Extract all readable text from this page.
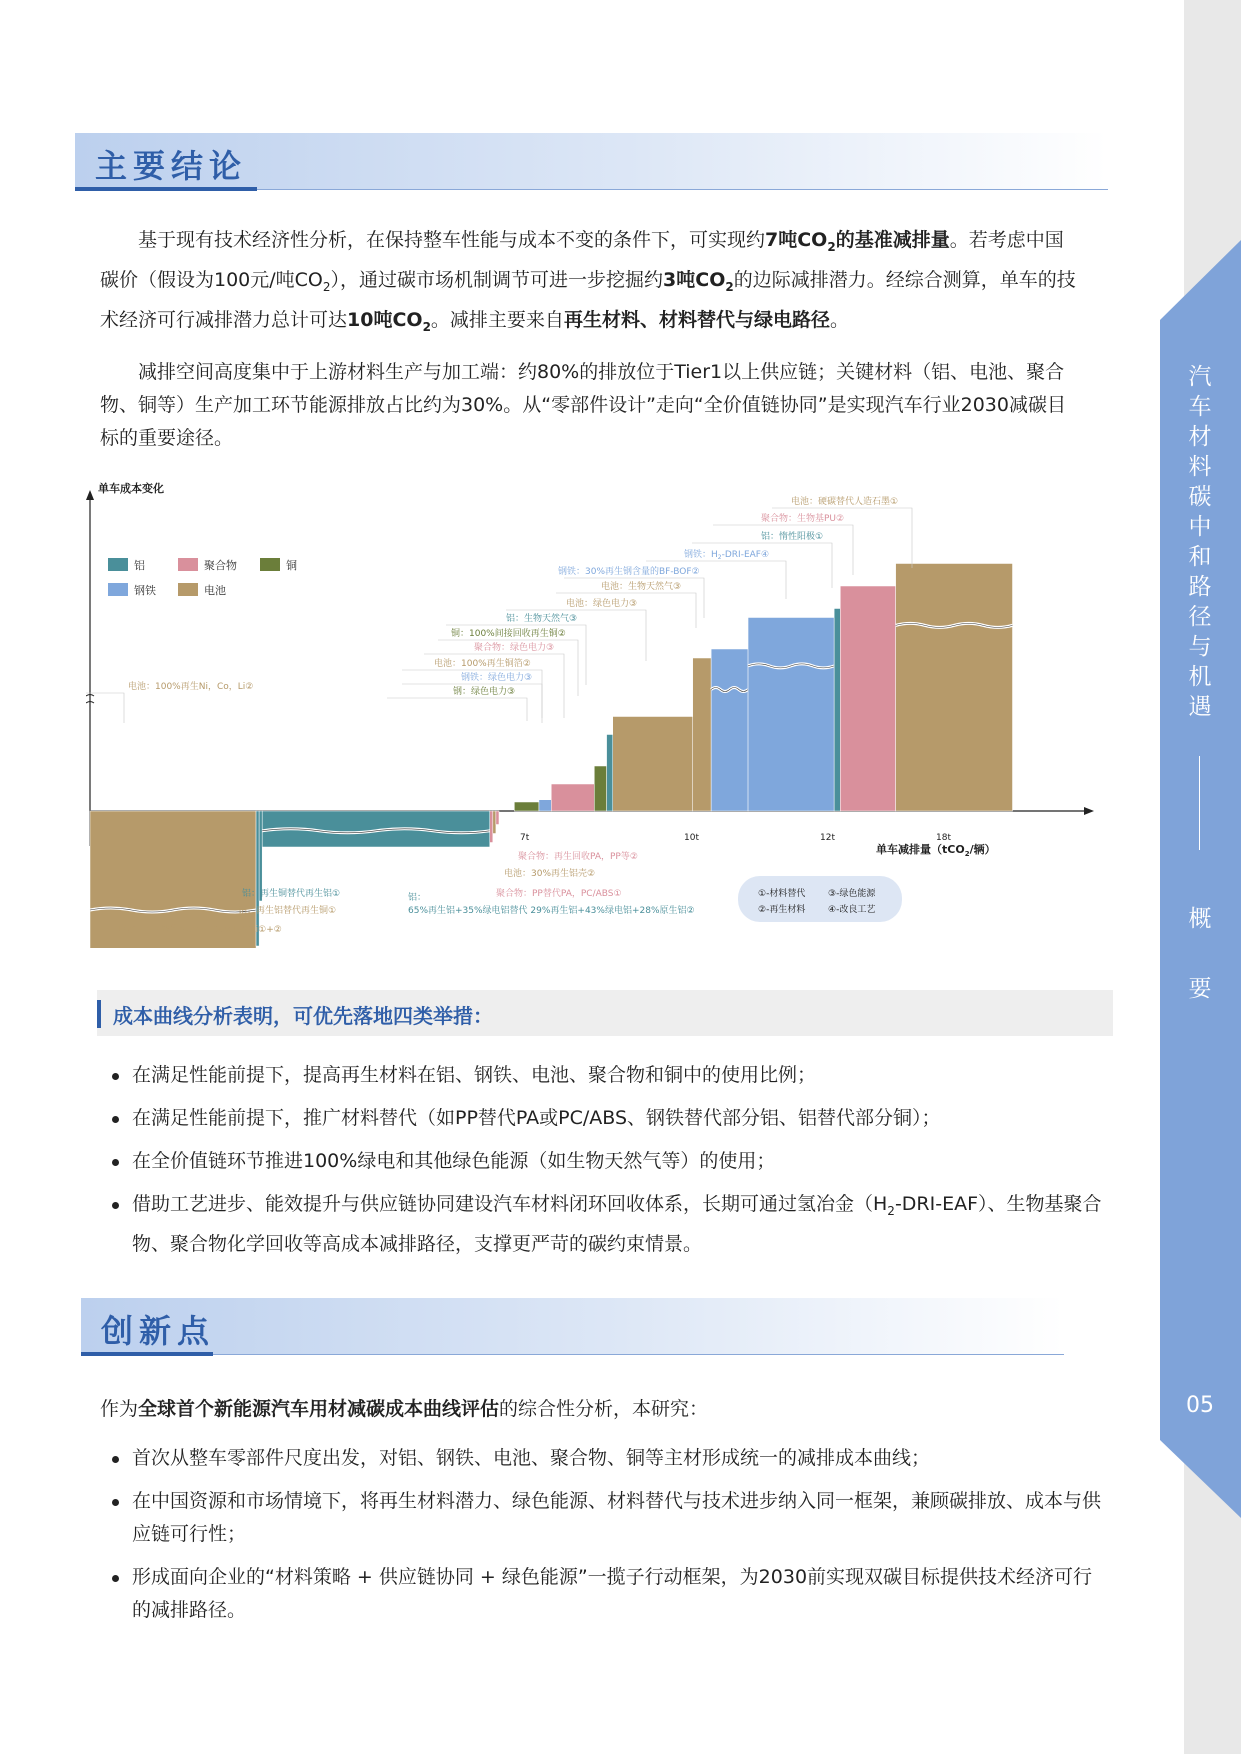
汽
车
材
料
碳
中
和
路
径
与
机
遇
概
要
05
主要结论
基于现有技术经济性分析，在保持整车性能与成本不变的条件下，可实现约7吨$CO_2$的基准减排量。若考虑中国碳价（假设为100元/吨$CO_2$），通过碳市场机制调节可进一步挖掘约3吨$CO_2$的边际减排潜力。经综合测算，单车的技术经济可行减排潜力总计可达10吨$CO_2$。减排主要来自再生材料、材料替代与绿电路径。
减排空间高度集中于上游材料生产与加工端：约80%的排放位于Tier1以上供应链；关键材料（铝、电池、聚合物、铜等）生产加工环节能源排放占比约为30%。从“零部件设计”走向“全价值链协同”是实现汽车行业2030减碳目标的重要途径。
单车成本变化
单车减排量（tCO$_2$/辆）
铝	聚合物	铜
钢铁	电池
7t	10t	12t	18t
电池：硬碳替代人造石墨①
聚合物：生物基PU②
铝：惰性阳极①
钢铁：$H_2-DRI$-EAF④
钢铁：30%再生钢含量的BF-BOF②
电池：生物天然气③
电池：绿色电力③
铝：生物天然气③
铜：100%间接回收再生铜②
聚合物：绿色电力③
电池：100%再生铜箔②
钢铁：绿色电力③
钢：绿色电力③
电池：100%再生Ni，Co，Li②
聚合物：再生回收PA，PP等②
电池：30%再生铝壳②
聚合物：PP替代PA，PC/ABS①
铝：再生铜替代再生铝①
铝：再生铝替代再生铜①
铝：
65%再生铝+35%绿电铝替代 29%再生铝+43%绿电铝+28%原生铝②
电池：LFP替代NCM+100%再生Li①+②
①-材料替代	③-绿色能源
②-再生材料	④-改良工艺
成本曲线分析表明，可优先落地四类举措：
在满足性能前提下，提高再生材料在铝、钢铁、电池、聚合物和铜中的使用比例；
在满足性能前提下，推广材料替代（如PP替代PA或PC/ABS、钢铁替代部分铝、铝替代部分铜）；
在全价值链环节推进100%绿电和其他绿色能源（如生物天然气等）的使用；
借助工艺进步、能效提升与供应链协同建设汽车材料闭环回收体系，长期可通过氢冶金$(H_2-DRI-EAF)$、生物基聚合物、聚合物化学回收等高成本减排路径，支撑更严苛的碳约束情景。
创新点
作为全球首个新能源汽车用材减碳成本曲线评估的综合性分析，本研究：
首次从整车零部件尺度出发，对铝、钢铁、电池、聚合物、铜等主材形成统一的减排成本曲线；
在中国资源和市场情境下，将再生材料潜力、绿色能源、材料替代与技术进步纳入同一框架，兼顾碳排放、成本与供应链可行性；
形成面向企业的“材料策略 + 供应链协同 + 绿色能源”一揽子行动框架，为2030前实现双碳目标提供技术经济可行的减排路径。
